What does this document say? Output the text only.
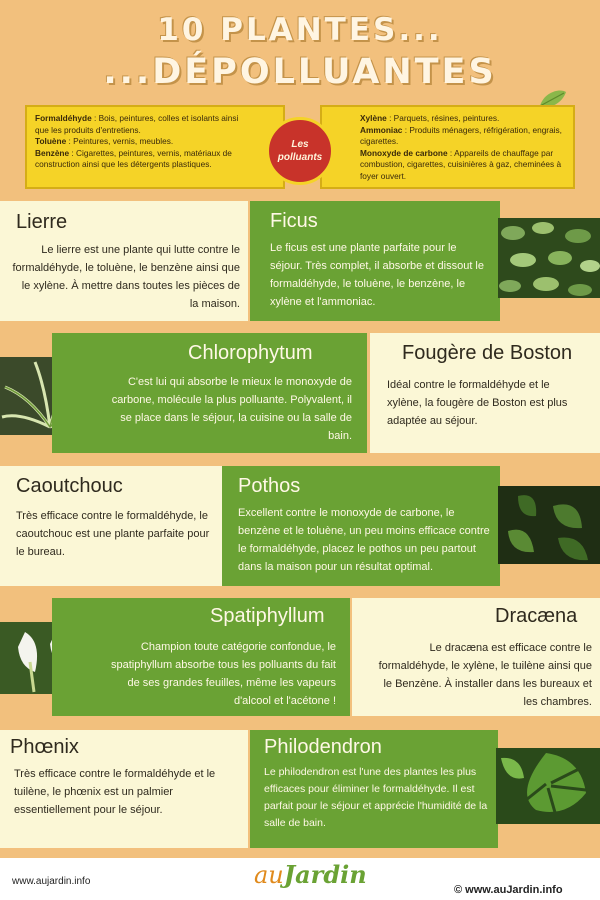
10 PLANTES...
...DÉPOLLUANTES
Formaldéhyde : Bois, peintures, colles et isolants ainsi que les produits d'entretiens.
Toluène : Peintures, vernis, meubles.
Benzène : Cigarettes, peintures, vernis, matériaux de construction ainsi que les détergents plastiques.
Xylène : Parquets, résines, peintures.
Ammoniac : Produits ménagers, réfrigération, engrais, cigarettes.
Monoxyde de carbone : Appareils de chauffage par combustion, cigarettes, cuisinières à gaz, cheminées à foyer ouvert.
Les
polluants
Lierre
Le lierre est une plante qui lutte contre le formaldéhyde, le toluène, le benzène ainsi que le xylène. À mettre dans toutes les pièces de la maison.
Ficus
Le ficus est une plante parfaite pour le séjour. Très complet, il absorbe et dissout le formaldéhyde, le toluène, le benzène, le xylène et l'ammoniac.
Chlorophytum
C'est lui qui absorbe le mieux le monoxyde de carbone, molécule la plus polluante. Polyvalent, il se place dans le séjour, la cuisine ou la salle de bain.
Fougère de Boston
Idéal contre le formaldéhyde et le xylène, la fougère de Boston est plus adaptée au séjour.
Caoutchouc
Très efficace contre le formaldéhyde, le caoutchouc est une plante parfaite pour le bureau.
Pothos
Excellent contre le monoxyde de carbone, le benzène et le toluène, un peu moins efficace contre le formaldéhyde, placez le pothos un peu partout dans la maison pour un résultat optimal.
Spatiphyllum
Champion toute catégorie confondue, le spatiphyllum absorbe tous les polluants du fait de ses grandes feuilles, même les vapeurs d'alcool et l'acétone !
Dracæna
Le dracæna est efficace contre le formaldéhyde, le xylène, le tuilène ainsi que le Benzène. À installer dans les bureaux et les chambres.
Phœnix
Très efficace contre le formaldéhyde et le tuilène, le phœnix est un palmier essentiellement pour le séjour.
Philodendron
Le philodendron est l'une des plantes les plus efficaces pour éliminer le formaldéhyde. Il est parfait pour le séjour et apprécie l'humidité de la salle de bain.
www.aujardin.info	auJardin
© www.auJardin.info
